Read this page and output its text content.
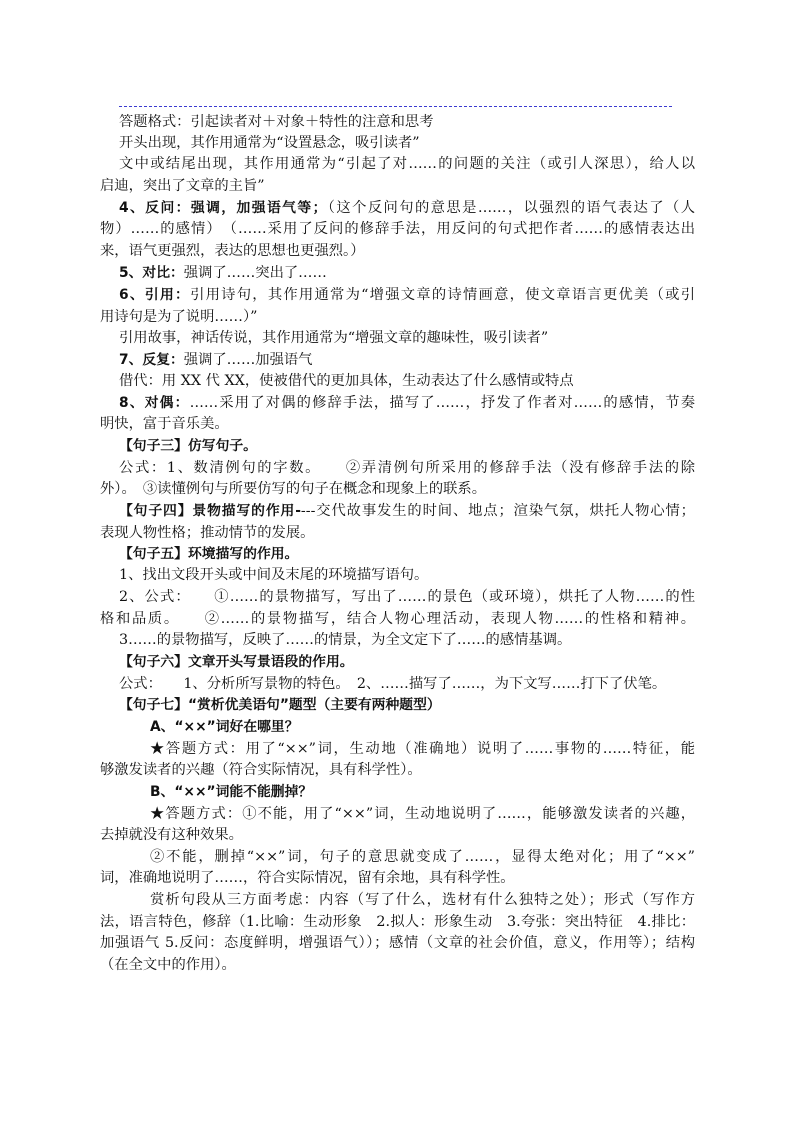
答题格式：引起读者对＋对象＋特性的注意和思考
开头出现，其作用通常为“设置悬念，吸引读者”
文中或结尾出现，其作用通常为“引起了对……的问题的关注（或引人深思），给人以
启迪，突出了文章的主旨”
4、反问：强调，加强语气等；（这个反问句的意思是……，以强烈的语气表达了（人
物）……的感情）　（……采用了反问的修辞手法，用反问的句式把作者……的感情表达出
来，语气更强烈，表达的思想也更强烈。）
5、对比：强调了……突出了……
6、引用：引用诗句，其作用通常为“增强文章的诗情画意，使文章语言更优美（或引
用诗句是为了说明……）”
引用故事，神话传说，其作用通常为“增强文章的趣味性，吸引读者”
7、反复：强调了……加强语气
借代：用 XX 代 XX，使被借代的更加具体，生动表达了什么感情或特点
8、对偶：……采用了对偶的修辞手法，描写了……，抒发了作者对……的感情，节奏
明快，富于音乐美。
【句子三】仿写句子。
公式：1、数清例句的字数。　　②弄清例句所采用的修辞手法（没有修辞手法的除
外）。　③读懂例句与所要仿写的句子在概念和现象上的联系。
【句子四】景物描写的作用----交代故事发生的时间、地点；渲染气氛，烘托人物心情；
表现人物性格；推动情节的发展。
【句子五】环境描写的作用。
1、找出文段开头或中间及末尾的环境描写语句。
2、公式：　　①……的景物描写，写出了……的景色（或环境），烘托了人物……的性
格和品质。　　②……的景物描写，结合人物心理活动，表现人物……的性格和精神。
3……的景物描写，反映了……的情景，为全文定下了……的感情基调。
【句子六】文章开头写景语段的作用。
公式：　　1、分析所写景物的特色。　2、……描写了……，为下文写……打下了伏笔。
【句子七】“赏析优美语句”题型（主要有两种题型）
A、“××”词好在哪里？
★答题方式：用了“××”词，生动地（准确地）说明了……事物的……特征，能
够激发读者的兴趣（符合实际情况，具有科学性）。
B、“××”词能不能删掉？
★答题方式：①不能，用了“××”词，生动地说明了……，能够激发读者的兴趣，
去掉就没有这种效果。
②不能，删掉“××”词，句子的意思就变成了……，显得太绝对化；用了“××”
词，准确地说明了……，符合实际情况，留有余地，具有科学性。
赏析句段从三方面考虑：内容（写了什么，选材有什么独特之处）；形式（写作方
法，语言特色，修辞（1.比喻：生动形象　2.拟人：形象生动　3.夸张：突出特征　4.排比：
加强语气 5.反问：态度鲜明，增强语气））；感情（文章的社会价值，意义，作用等）；结构
（在全文中的作用）。
